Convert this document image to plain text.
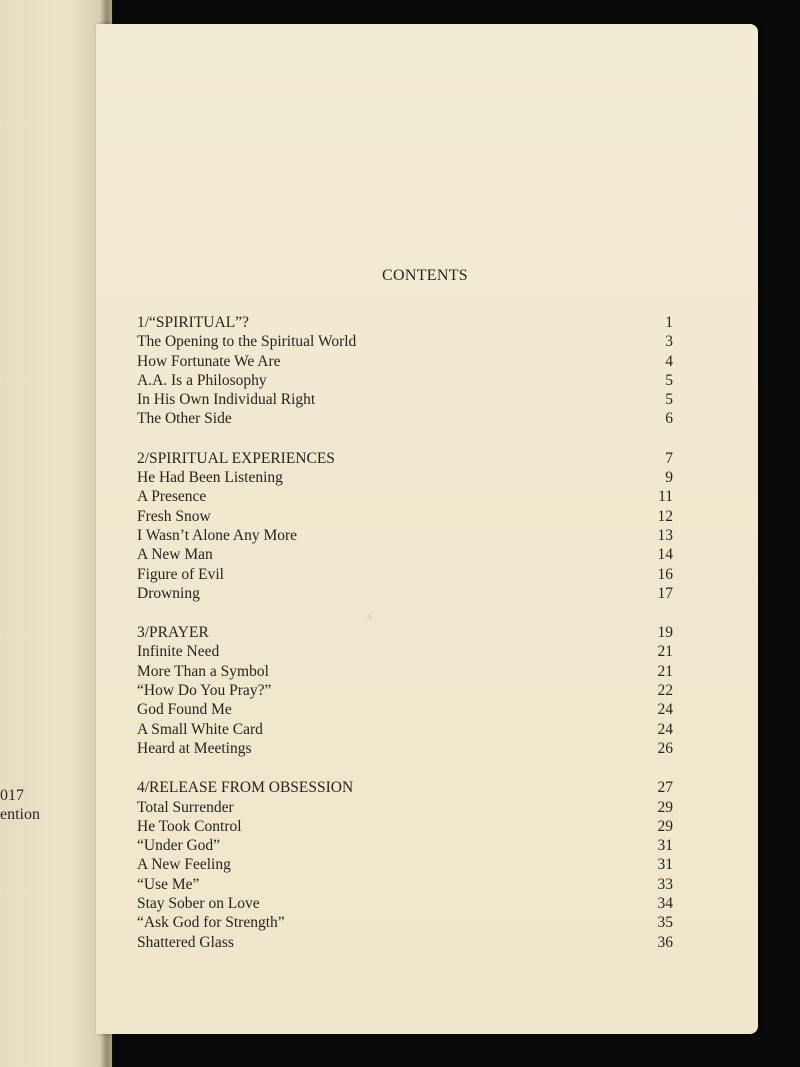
017
ention
CONTENTS
1/“SPIRITUAL”?	1
The Opening to the Spiritual World	3
How Fortunate We Are	4
A.A. Is a Philosophy	5
In His Own Individual Right	5
The Other Side	6
2/SPIRITUAL EXPERIENCES	7
He Had Been Listening	9
A Presence	11
Fresh Snow	12
I Wasn’t Alone Any More	13
A New Man	14
Figure of Evil	16
Drowning	17
3/PRAYER	19
Infinite Need	21
More Than a Symbol	21
“How Do You Pray?”	22
God Found Me	24
A Small White Card	24
Heard at Meetings	26
4/RELEASE FROM OBSESSION	27
Total Surrender	29
He Took Control	29
“Under God”	31
A New Feeling	31
“Use Me”	33
Stay Sober on Love	34
“Ask God for Strength”	35
Shattered Glass	36
⁘
